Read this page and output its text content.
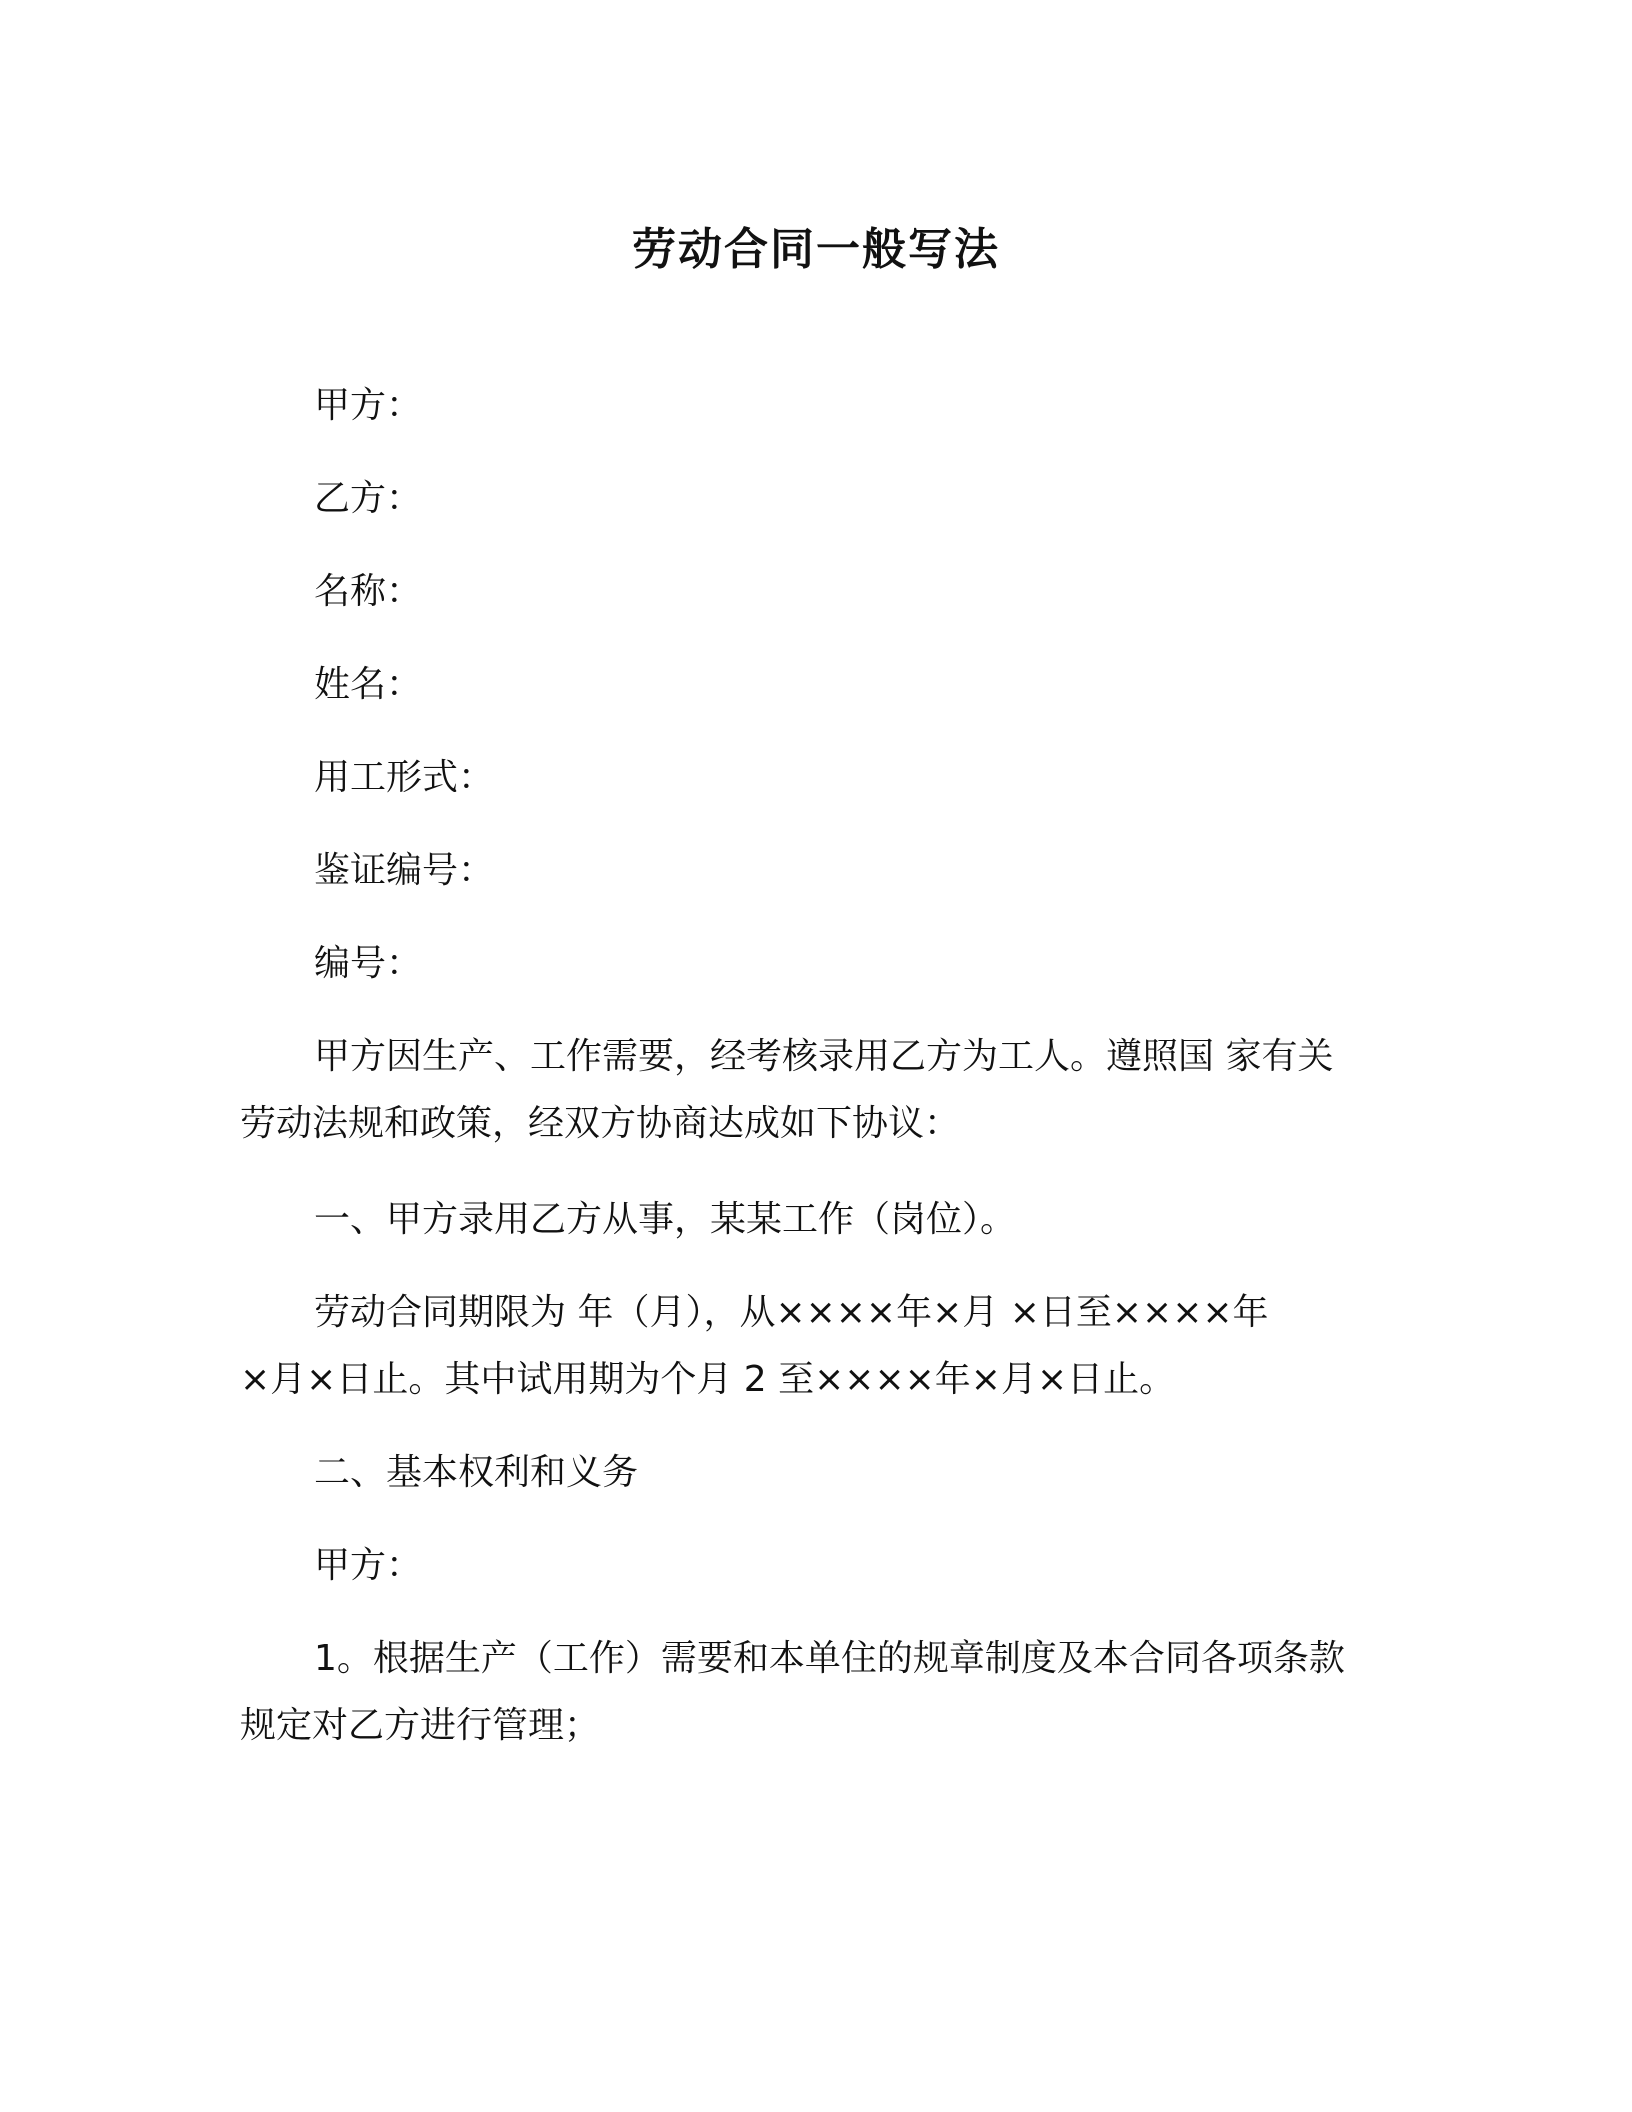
劳动合同一般写法
甲方：
乙方：
名称：
姓名：
用工形式：
鉴证编号：
编号：
甲方因生产、工作需要，经考核录用乙方为工人。遵照国 家有关
劳动法规和政策，经双方协商达成如下协议：
一、甲方录用乙方从事，某某工作（岗位）。
劳动合同期限为 年（月），从××××年×月 ×日至××××年
×月×日止。其中试用期为个月 2 至××××年×月×日止。
二、基本权利和义务
甲方：
1。根据生产（工作）需要和本单住的规章制度及本合同各项条款
规定对乙方进行管理；
